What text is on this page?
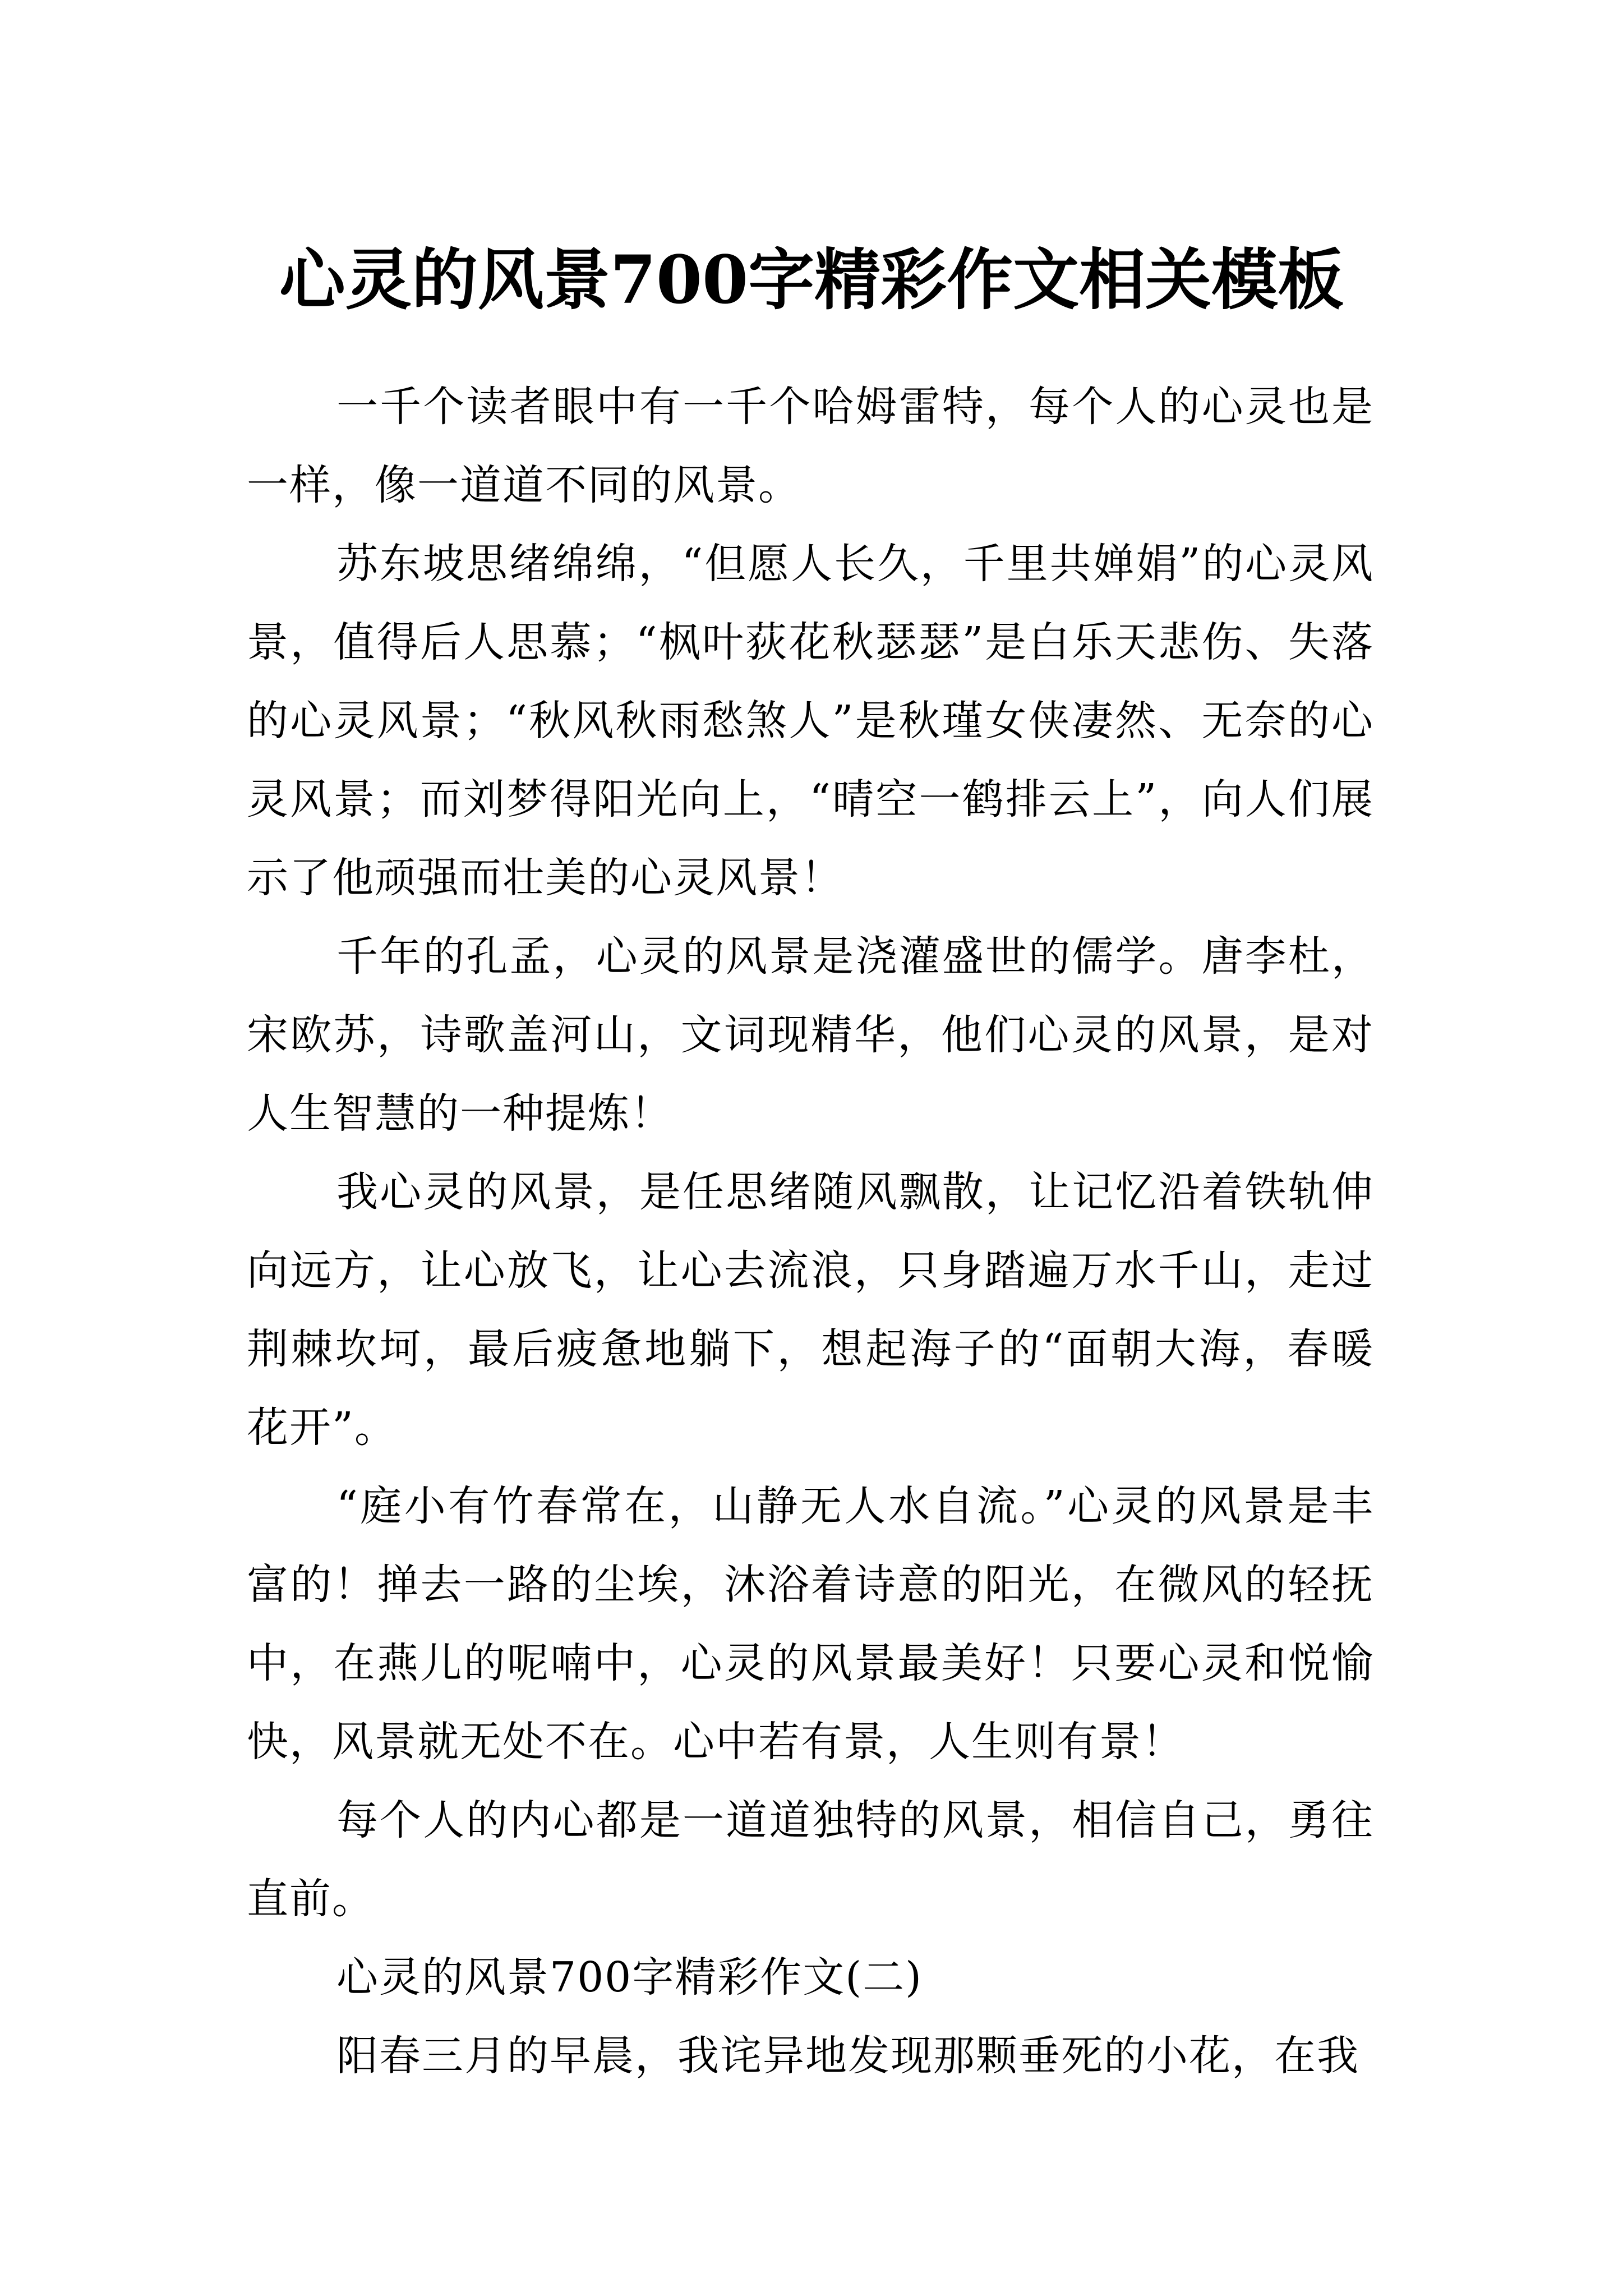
心灵的风景700字精彩作文相关模板

一千个读者眼中有一千个哈姆雷特，每个人的心灵也是一样，像一道道不同的风景。

苏东坡思绪绵绵，“但愿人长久，千里共婵娟”的心灵风景，值得后人思慕；“枫叶荻花秋瑟瑟”是白乐天悲伤、失落的心灵风景；“秋风秋雨愁煞人”是秋瑾女侠凄然、无奈的心灵风景；而刘梦得阳光向上，“晴空一鹤排云上”，向人们展示了他顽强而壮美的心灵风景！

千年的孔孟，心灵的风景是浇灌盛世的儒学。唐李杜，宋欧苏，诗歌盖河山，文词现精华，他们心灵的风景，是对人生智慧的一种提炼！

我心灵的风景，是任思绪随风飘散，让记忆沿着铁轨伸向远方，让心放飞，让心去流浪，只身踏遍万水千山，走过荆棘坎坷，最后疲惫地躺下，想起海子的“面朝大海，春暖花开”。

“庭小有竹春常在，山静无人水自流。”心灵的风景是丰富的！掸去一路的尘埃，沐浴着诗意的阳光，在微风的轻抚中，在燕儿的呢喃中，心灵的风景最美好！只要心灵和悦愉快，风景就无处不在。心中若有景，人生则有景！

每个人的内心都是一道道独特的风景，相信自己，勇往直前。

心灵的风景700字精彩作文(二)

阳春三月的早晨，我诧异地发现那颗垂死的小花，在我
